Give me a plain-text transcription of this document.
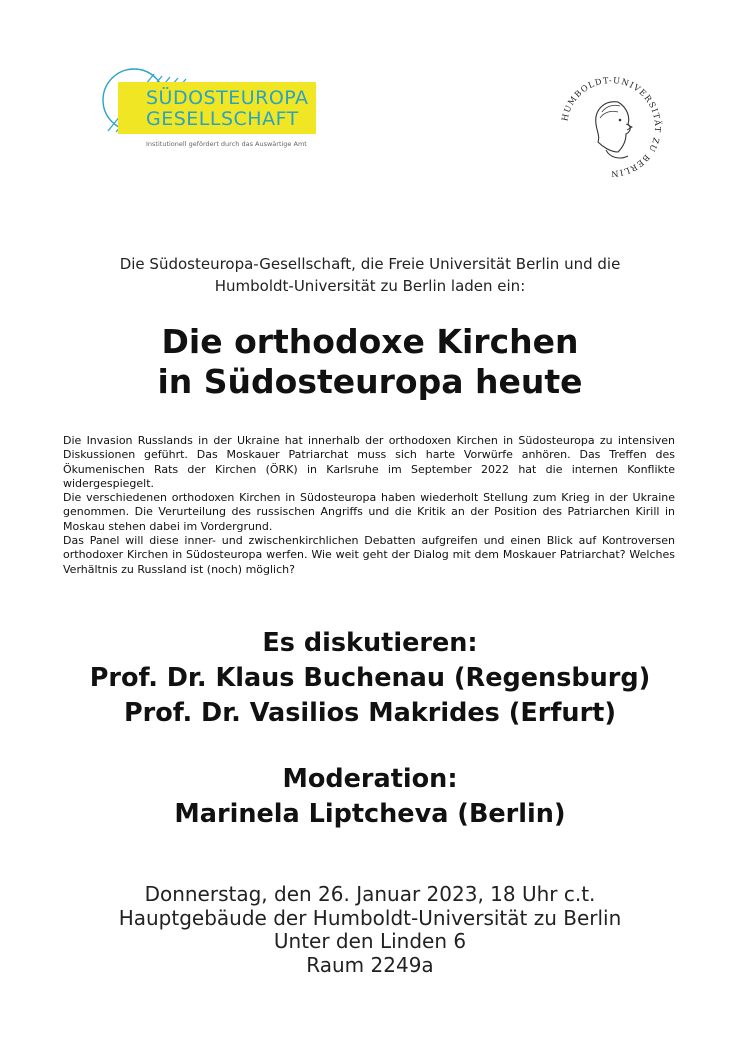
SÜDOSTEUROPA
GESELLSCHAFT
Institutionell gefördert durch das Auswärtige Amt
HUMBOLDT-UNIVERSITÄT ZU BERLIN
Die Südosteuropa-Gesellschaft, die Freie Universität Berlin und die
Humboldt-Universität zu Berlin laden ein:
Die orthodoxe Kirchen
in Südosteuropa heute

Die Invasion Russlands in der Ukraine hat innerhalb der orthodoxen Kirchen in Südosteuropa zu intensiven Diskussionen geführt. Das Moskauer Patriarchat muss sich harte Vorwürfe anhören. Das Treffen des Ökumenischen Rats der Kirchen (ÖRK) in Karlsruhe im September 2022 hat die internen Konflikte widergespiegelt.

Die verschiedenen orthodoxen Kirchen in Südosteuropa haben wiederholt Stellung zum Krieg in der Ukraine genommen. Die Verurteilung des russischen Angriffs und die Kritik an der Position des Patriarchen Kirill in Moskau stehen dabei im Vordergrund.

Das Panel will diese inner- und zwischenkirchlichen Debatten aufgreifen und einen Blick auf Kontroversen orthodoxer Kirchen in Südosteuropa werfen. Wie weit geht der Dialog mit dem Moskauer Patriarchat? Welches Verhältnis zu Russland ist (noch) möglich?

Es diskutieren:
Prof. Dr. Klaus Buchenau (Regensburg)
Prof. Dr. Vasilios Makrides (Erfurt)
Moderation:
Marinela Liptcheva (Berlin)
Donnerstag, den 26. Januar 2023, 18 Uhr c.t.
Hauptgebäude der Humboldt-Universität zu Berlin
Unter den Linden 6
Raum 2249a
